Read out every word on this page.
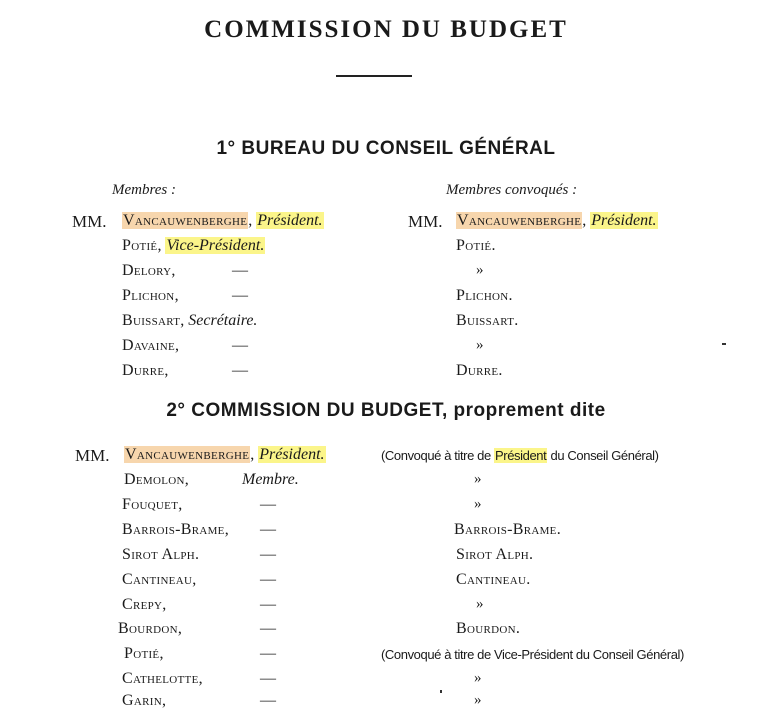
COMMISSION DU BUDGET
1° BUREAU DU CONSEIL GÉNÉRAL
Membres :	Membres convoqués :
MM. Vancauwenberghe, Président.	MM. Vancauwenberghe, Président.
Potié, Vice-Président.	Potié.
Delory,	—	»
Plichon,	—	Plichon.
Buissart, Secrétaire.	Buissart.
Davaine,	—	»
Durre,	—	Durre.
2° COMMISSION DU BUDGET, proprement dite
MM. Vancauwenberghe, Président.	(Convoqué à titre de Président du Conseil Général)
Demolon,	Membre.	»
Fouquet,	—	»
Barrois-Brame, —	Barrois-Brame.
Sirot Alph.	—	Sirot Alph.
Cantineau,	—	Cantineau.
Crepy,	—	»
Bourdon,	—	Bourdon.
Potié,	—	(Convoqué à titre de Vice-Président du Conseil Général)
Cathelotte,	—	»
Garin,	—	»
